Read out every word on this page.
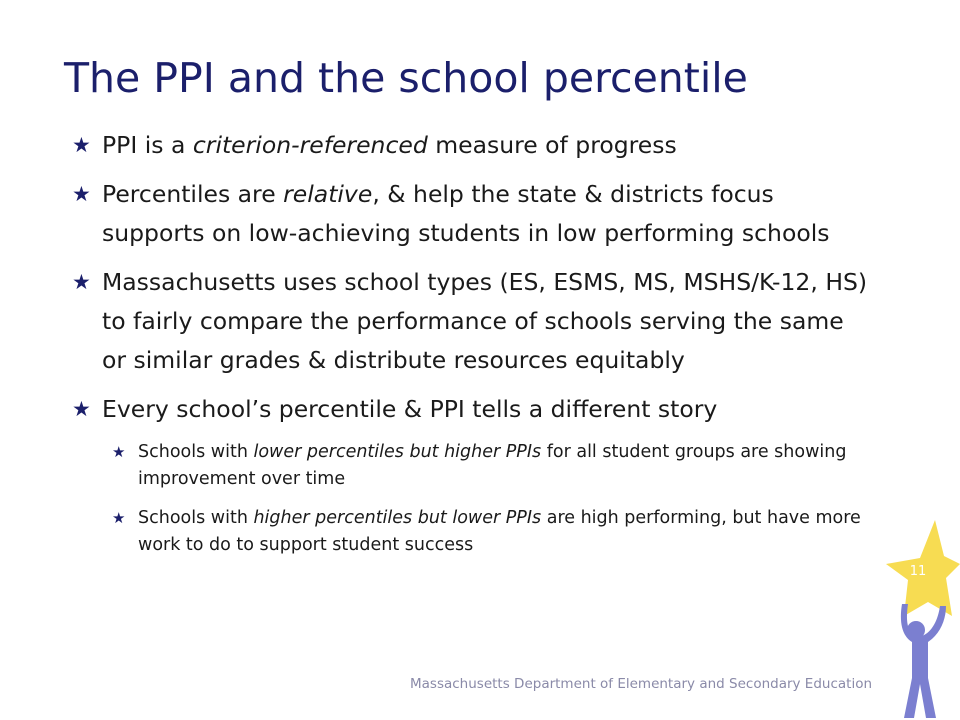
The PPI and the school percentile
★ PPI is a criterion-referenced measure of progress
★ Percentiles are relative, & help the state & districts focus supports on low-achieving students in low performing schools
★ Massachusetts uses school types (ES, ESMS, MS, MSHS/K-12, HS) to fairly compare the performance of schools serving the same or similar grades & distribute resources equitably
★ Every school’s percentile & PPI tells a different story
★ Schools with lower percentiles but higher PPIs for all student groups are showing improvement over time
★ Schools with higher percentiles but lower PPIs are high performing, but have more work to do to support student success
11
Massachusetts Department of Elementary and Secondary Education
